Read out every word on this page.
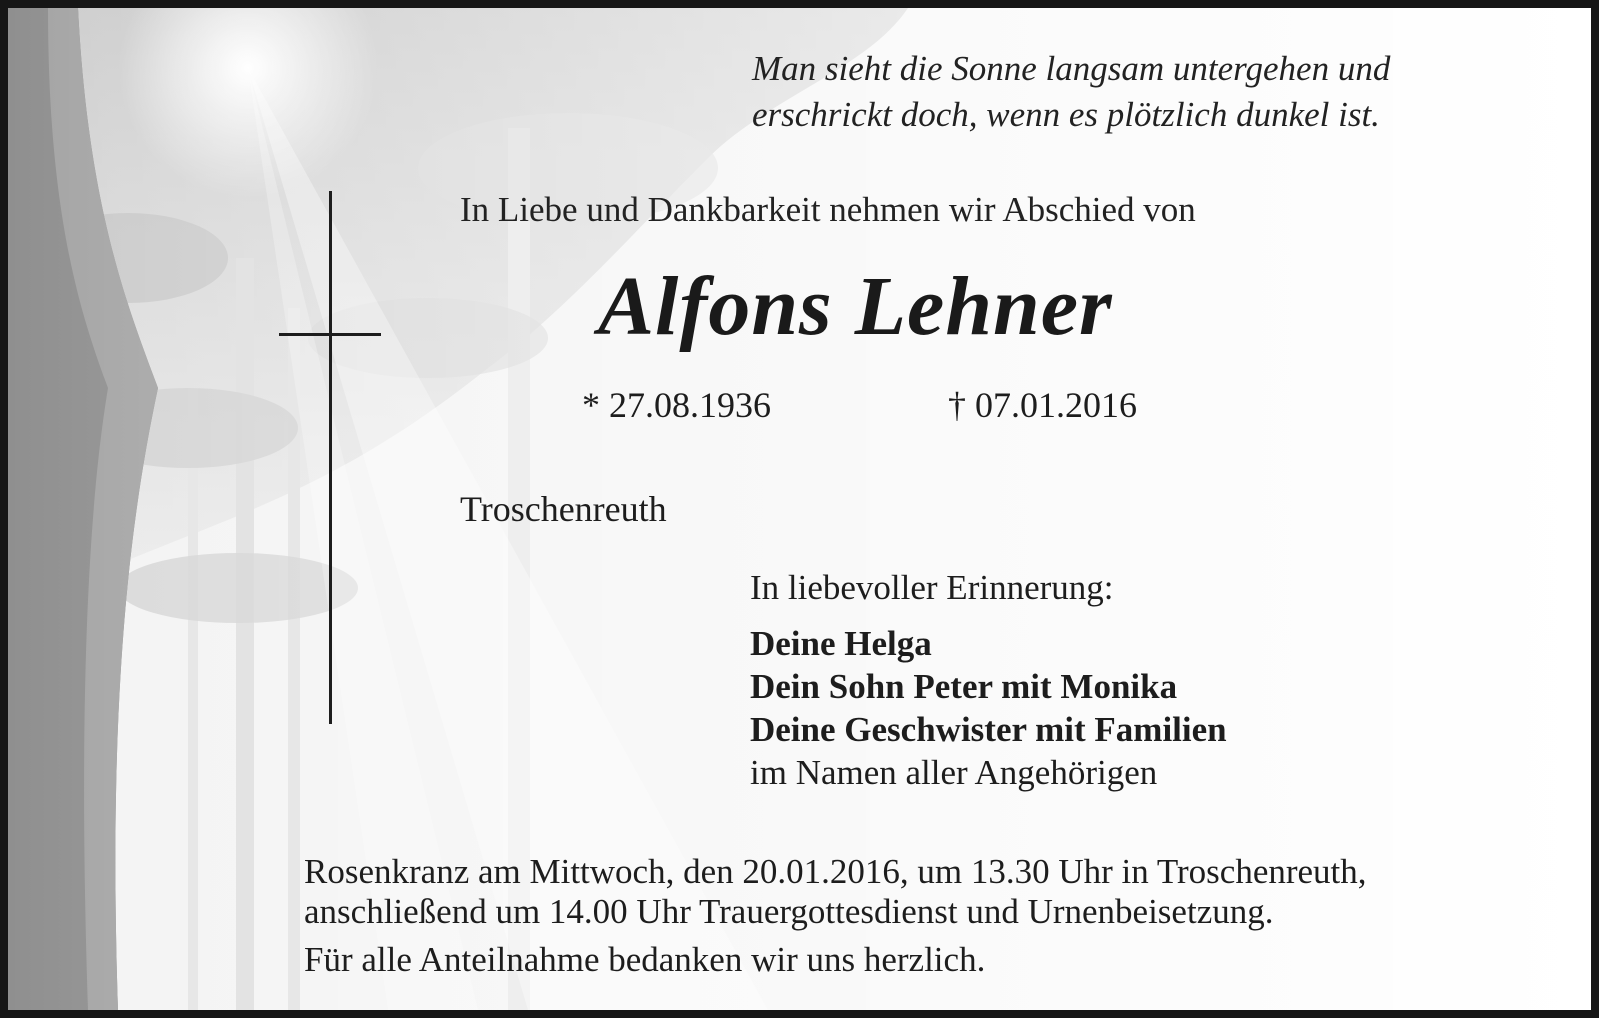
Man sieht die Sonne langsam untergehen und
erschrickt doch, wenn es plötzlich dunkel ist.
In Liebe und Dankbarkeit nehmen wir Abschied von
Alfons Lehner
* 27.08.1936	† 07.01.2016
Troschenreuth
In liebevoller Erinnerung:
Deine Helga
Dein Sohn Peter mit Monika
Deine Geschwister mit Familien
im Namen aller Angehörigen
Rosenkranz am Mittwoch, den 20.01.2016, um 13.30 Uhr in Troschenreuth,
anschließend um 14.00 Uhr Trauergottesdienst und Urnenbeisetzung.
Für alle Anteilnahme bedanken wir uns herzlich.
